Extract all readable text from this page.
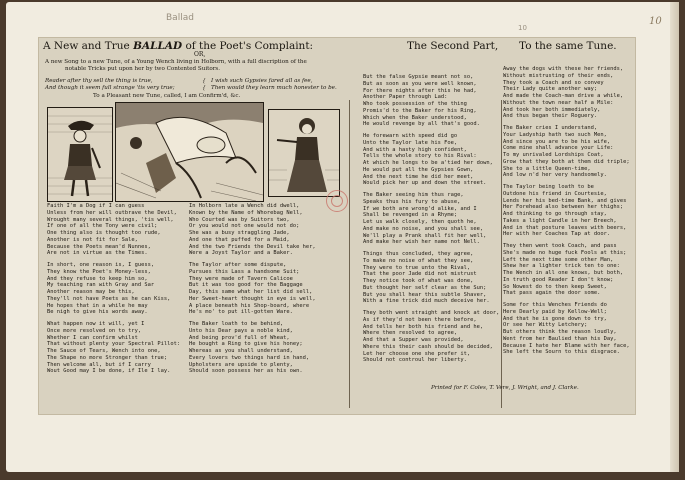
Ballad
10
10
A New and True BALLAD of the Poet's Complaint:	The Second Part, To the same Tune.
OR,
A new Song to a new Tune, of a Young Wench living in Holborn, with a full discription of the
notable Tricks put upon her by two Contented Suitors.
Reader after thy sell the thing is true,	{ I wish such Gypsies fared all as fee,
And though it seem full strange 'tis very true;	{ Then would they learn much honester to be.
To a Pleasant new Tune, called, I am Confirm'd, &c.
Faith I'm a Dog if I can guess
Unless from her will outbrave the Devil,
Wrought many several things, 'tis well,
If one of all the Tony were civil;
One thing also is thought too rude,
Another is not fit for Sale,
Because the Poets mean'd Nunnes,
Are not in virtue as the Times.
In short, one reason is, I guess,
They know the Poet's Money-less,
And they refuse to keep him so,
My teaching ran with Gray and Sar
Another reason may be this,
They'll not have Poets as he can Kiss,
He hopes that in a while he may
Be nigh to give his words away.
What happen now it will, yet I
Once more resolved on to try,
Whether I can confirm whilst
That without plenty your Spectral Pillot:
The Sauce of Tears, Wench into one,
The Shape no more Stronger than true;
Then welcome all, but if I carry
Wout Good may I be done, if Ile I lay.
In Holborn late a Wench did dwell,
Known by the Name of Whorebag Nell,
Who Courted was by Suitors two,
Or you would not one would not do;
She was a busy straggling Jade,
And one that puffed for a Maid,
And the two Friends the Devil take her,
Were a Joyst Taylor and a Baker.
The Taylor after some dispute,
Pursues this Lass a handsome Suit;
They were made of Tavern Calicoe
But it was too good for the Baggage
Day, this same what her list did sell,
Her Sweet-heart thought in eye is well,
A place beneath his Shop-board, where
He's mo' to put ill-gotten Ware.
The Baker loath to be behind,
Unto his Dear pays a noble kind,
And being prov'd full of Wheat,
He bought a Ring to give his honey;
Whereas as you shall understand,
Every lovers two things hard in hand,
Upholsters are upside to plenty,
Should soon possess her as his own.
But the false Gypsie meant not so,
But as soon as you were well known,
For there nights after this he had,
Another Paper through Lad:
Who took possession of the thing
Promis'd to the Baker for his Ring,
Which when the Baker understood,
He would revenge by all that's good.
He forewarn with speed did go
Unto the Taylor late his Foe,
And with a hasty high confident,
Tells the whole story to his Rival:
At which he longs to be a'tied her down,
He would put all the Gypsies Gown,
And the next time he did her meet,
Would pick her up and down the street.
The Baker seeing him thus rage,
Speaks thus his fury to abuse,
If we both are wrong'd alike, and I
Shall be revenged in a Rhyme;
Let us walk closely, then quoth he,
And make no noise, and you shall see,
We'll play a Prank shall fit her well,
And make her wish her name not Nell.
Things thus concluded, they agree,
To make no noise of what they see,
They were to true unto the Rival,
That the poor Jade did not mistrust
They notice took of what was done,
But thought her self clear as the Sun;
But you shall hear this subtle Shaver,
With a fine trick did much deceive her.
They both went straight and knock at door,
As if they'd not been there before,
And tells her both his friend and he,
Where then resolved to agree,
And that a Supper was provided,
Where this their cash should be decided,
Let her choose one she prefer it,
Should not controul her liberty.
Away the dogs with these her friends,
Without mistrusting of their ends,
They took a Coach and so convey
Their Lady quite another way;
And made the Coach-man drive a while,
Without the town near half a Mile:
And took her both immediately,
And thus began their Roguery.
The Baker cries I understand,
Your Ladyship hath two such Men,
And since you are to be his wife,
Come mine shall advance your Life:
To my unrivaled Lordships Coat,
Grow that they both at them did triple;
She to a little Queen-time,
And low n'd her very handsomely.
The Taylor being loath to be
Outdone his friend in Courtesie,
Lends her his bed-time Bank, and gives
Her Forehead also between her thighs;
And thinking to go through stay,
Takes a light Candle in her Breech,
And in that posture leaves with beers,
Her with her Coaches Tap at door.
They then went took Coach, and pass
She's made no huge fuck Fools at this;
Left the next time some other Man,
Shew her a lighter trick ten to one:
The Wench in all one knows, but both,
In truth good Reader I don't know;
So Nowest do to then keep Sweet,
That pass again the door some.
Some for this Wenches Friends do
Here Dearly paid by Kellow-Well;
And that he is gone down to try,
Or see her Witty Letchery;
But others think the reason loudly,
Went from her Baulied than his Day,
Because I hate her Blame with her face,
She left the Sourn to this disgrace.
Printed for F. Coles, T. Vere, J. Wright, and J. Clarke.
